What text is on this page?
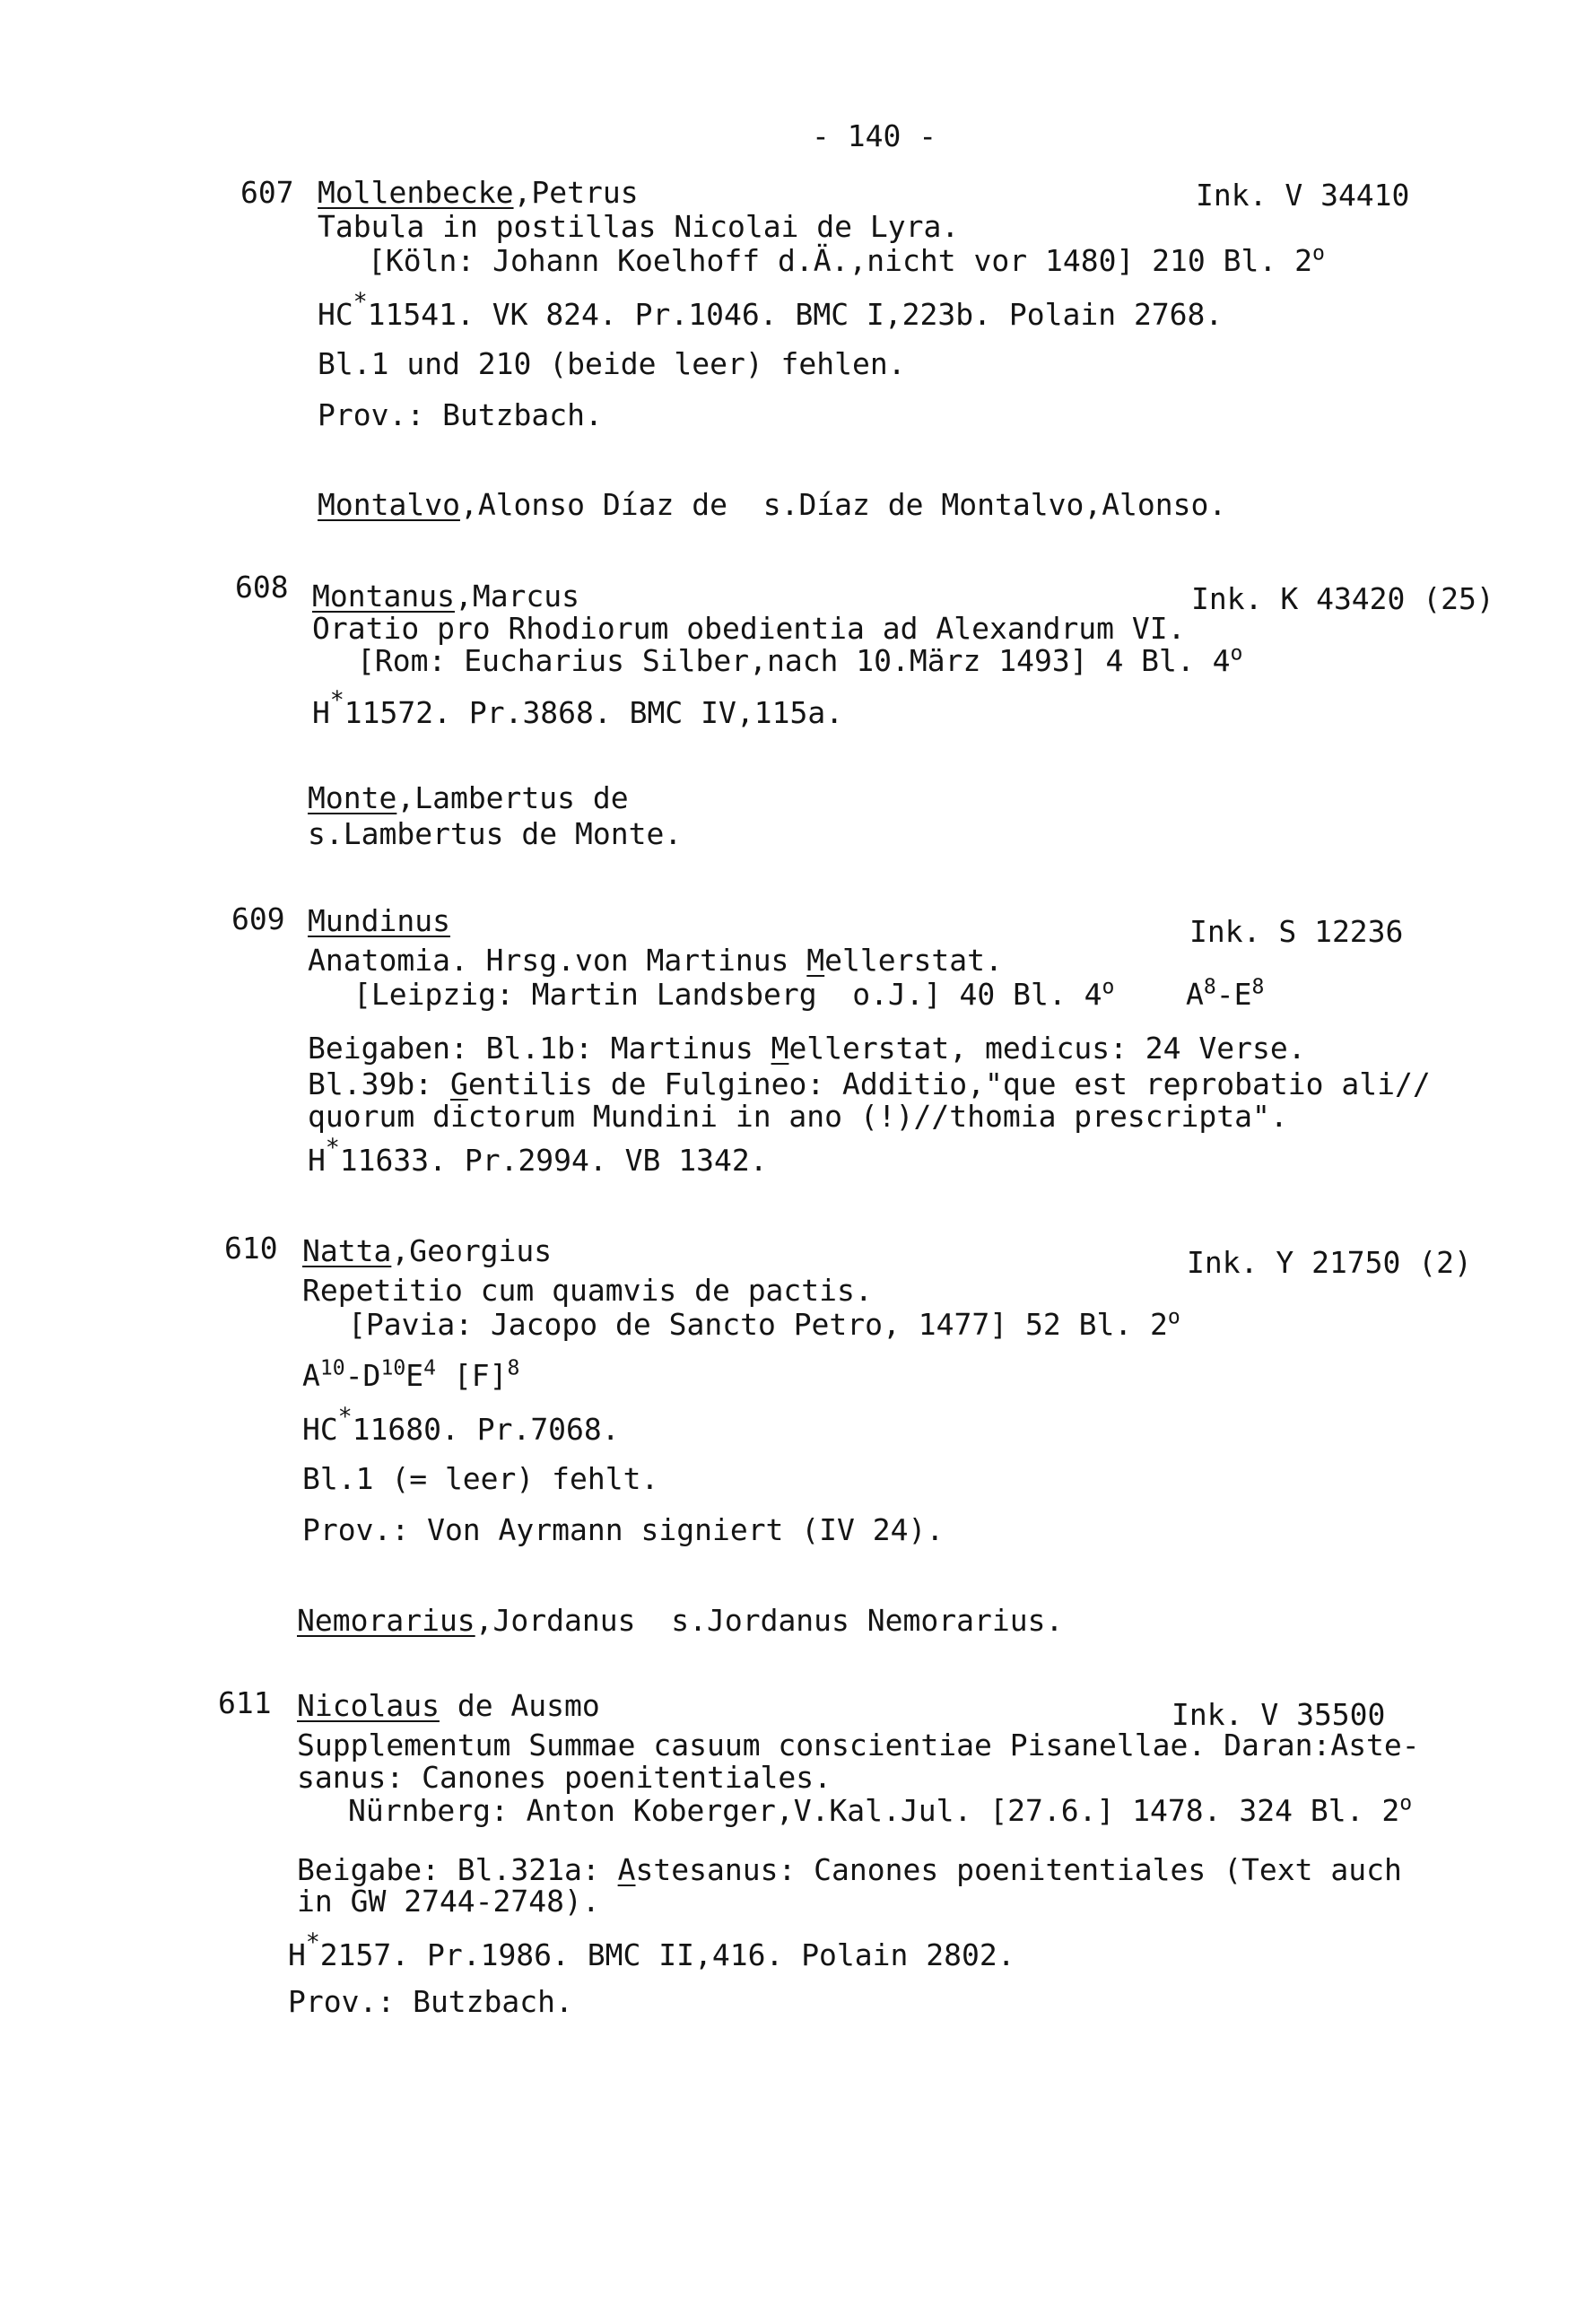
- 140 -
607 Mollenbecke,Petrus	Ink. V 34410
Tabula in postillas Nicolai de Lyra.
[Köln: Johann Koelhoff d.Ä.,nicht vor 1480] 210 Bl. 2$^o$
HC*11541. VK 824. Pr.1046. BMC I,223b. Polain 2768.
Bl.1 und 210 (beide leer) fehlen.
Prov.: Butzbach.
Montalvo,Alonso Díaz de  s.Díaz de Montalvo,Alonso.
608 Montanus,Marcus	Ink. K 43420 (25)
Oratio pro Rhodiorum obedientia ad Alexandrum VI.
[Rom: Eucharius Silber,nach 10.März 1493] 4 Bl. 4$^o$
H*11572. Pr.3868. BMC IV,115a.
Monte,Lambertus de
s.Lambertus de Monte.
609 Mundinus	Ink. S 12236
Anatomia. Hrsg.von Martinus Mellerstat.
[Leipzig: Martin Landsberg  o.J.] 40 Bl. 4$^o$ $A^8-E^8$
Beigaben: Bl.1b: Martinus Mellerstat, medicus: 24 Verse.
Bl.39b: Gentilis de Fulgineo: Additio,"que est reprobatio ali//
quorum dictorum Mundini in ano (!)//thomia prescripta".
H*11633. Pr.2994. VB 1342.
610 Natta,Georgius	Ink. Y 21750 (2)
Repetitio cum quamvis de pactis.
[Pavia: Jacopo de Sancto Petro, 1477] 52 Bl. 2$^o$
$A^{10}-D^{10}E^4$ $[F]^8$
HC*11680. Pr.7068.
Bl.1 (= leer) fehlt.
Prov.: Von Ayrmann signiert (IV 24).
Nemorarius,Jordanus  s.Jordanus Nemorarius.
611 Nicolaus de Ausmo	Ink. V 35500
Supplementum Summae casuum conscientiae Pisanellae. Daran:Aste-
sanus: Canones poenitentiales.
Nürnberg: Anton Koberger,V.Kal.Jul. [27.6.] 1478. 324 Bl. 2$^o$
Beigabe: Bl.321a: Astesanus: Canones poenitentiales (Text auch
in GW 2744-2748).
H*2157. Pr.1986. BMC II,416. Polain 2802.
Prov.: Butzbach.
